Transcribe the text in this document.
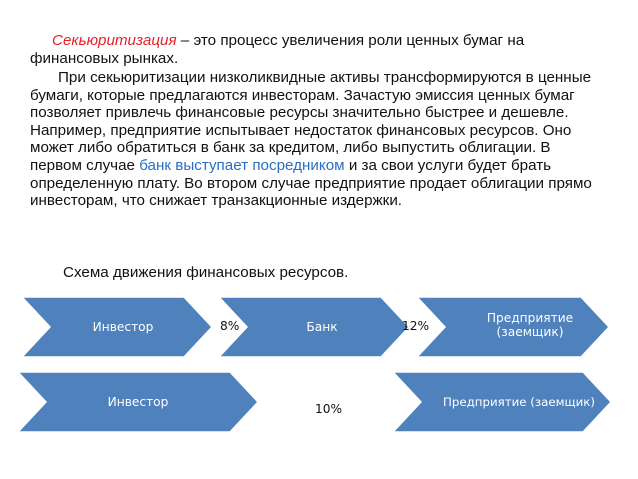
Секьюритизация – это процесс увеличения роли ценных бумаг на финансовых рынках.

При секьюритизации низколиквидные активы трансформируются в ценные бумаги, которые предлагаются инвесторам. Зачастую эмиссия ценных бумаг позволяет привлечь финансовые ресурсы значительно быстрее и дешевле. Например, предприятие испытывает недостаток финансовых ресурсов. Оно может либо обратиться в банк за кредитом, либо выпустить облигации. В первом случае банк выступает посредником и за свои услуги будет брать определенную плату. Во втором случае предприятие продает облигации прямо инвесторам, что снижает транзакционные издержки.

Схема движения финансовых ресурсов.

Инвестор	8%	Банк	12%
Предприятие
(заемщик)
Инвестор	10%	Предприятие (заемщик)
